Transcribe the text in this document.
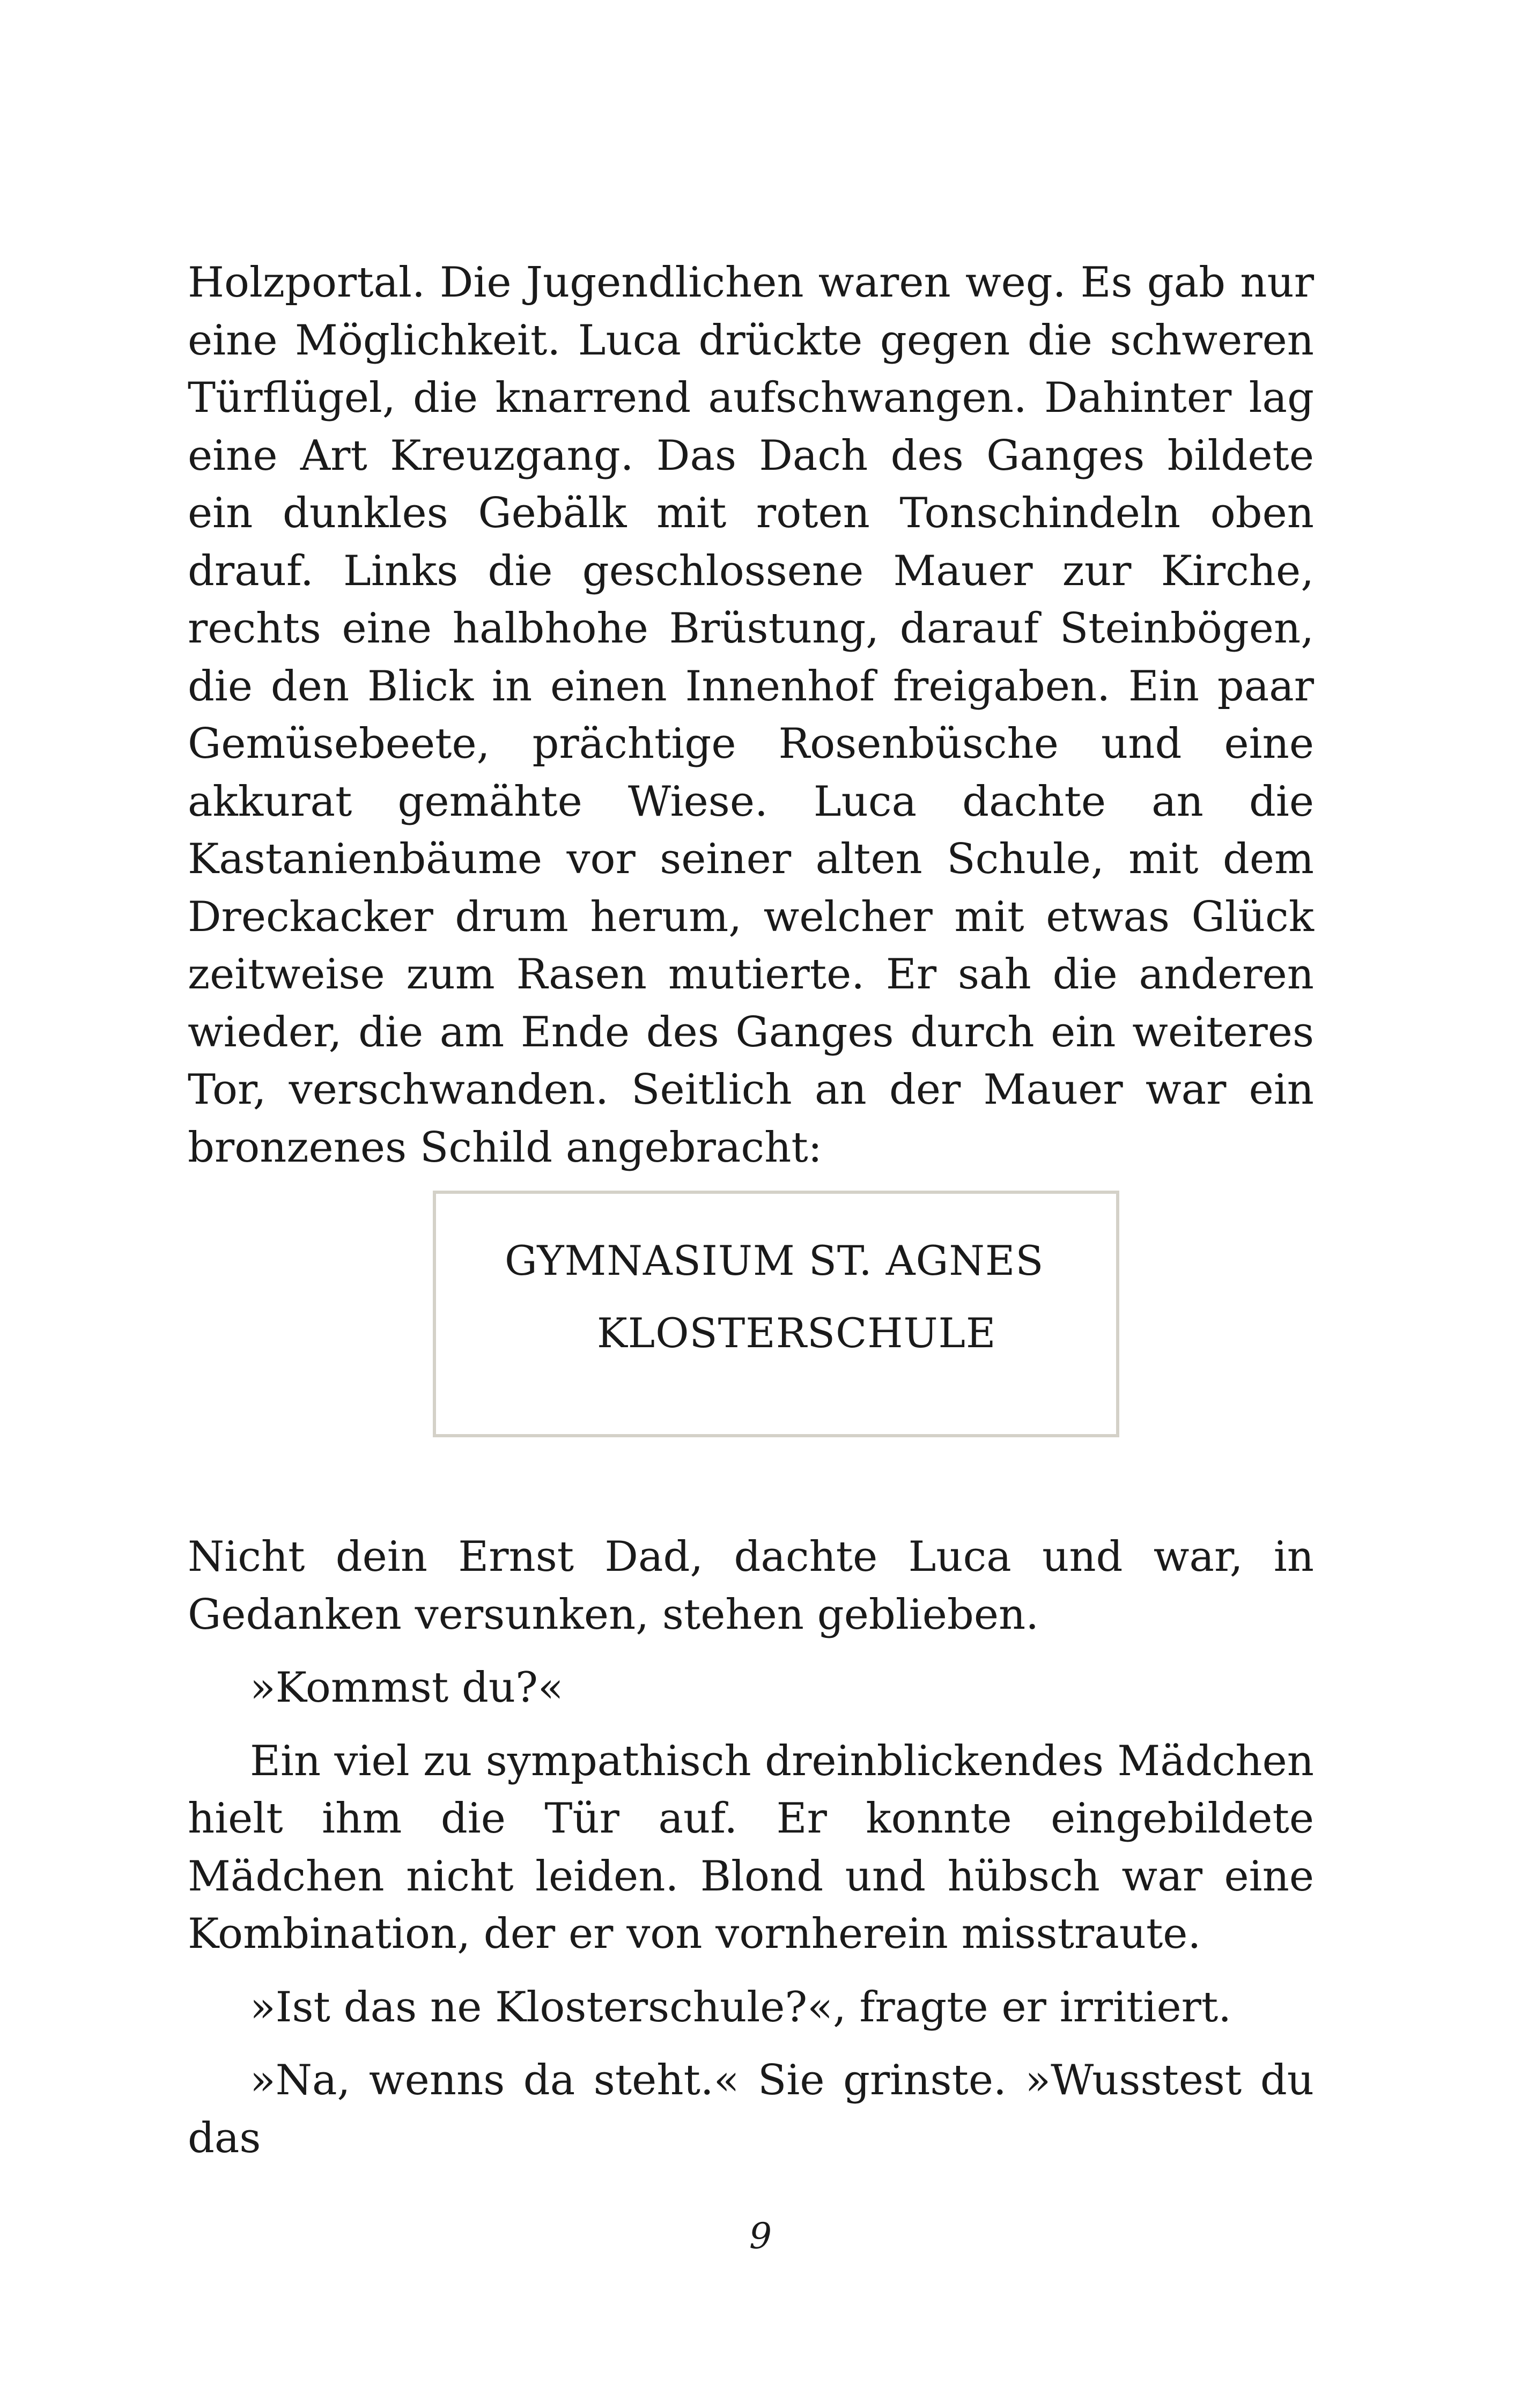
Holzportal. Die Jugendlichen waren weg. Es gab nur eine Möglichkeit. Luca drückte gegen die schweren Türflügel, die knarrend aufschwangen. Dahinter lag eine Art Kreuzgang. Das Dach des Ganges bildete ein dunkles Gebälk mit roten Tonschindeln oben drauf. Links die geschlossene Mauer zur Kirche, rechts eine halbhohe Brüstung, darauf Steinbögen, die den Blick in einen Innenhof freigaben. Ein paar Gemüsebeete, prächtige Rosenbüsche und eine akkurat gemähte Wiese. Luca dachte an die Kastanienbäume vor seiner alten Schule, mit dem Dreckacker drum herum, welcher mit etwas Glück zeitweise zum Rasen mutierte. Er sah die anderen wieder, die am Ende des Ganges durch ein weiteres Tor, verschwanden. Seitlich an der Mauer war ein bronzenes Schild angebracht:

GYMNASIUM ST. AGNES
KLOSTERSCHULE

Nicht dein Ernst Dad, dachte Luca und war, in Gedanken versunken, stehen geblieben.

»Kommst du?«

Ein viel zu sympathisch dreinblickendes Mädchen hielt ihm die Tür auf. Er konnte eingebildete Mädchen nicht leiden. Blond und hübsch war eine Kombination, der er von vornherein misstraute.

»Ist das ne Klosterschule?«, fragte er irritiert.

»Na, wenns da steht.« Sie grinste. »Wusstest du das

9
